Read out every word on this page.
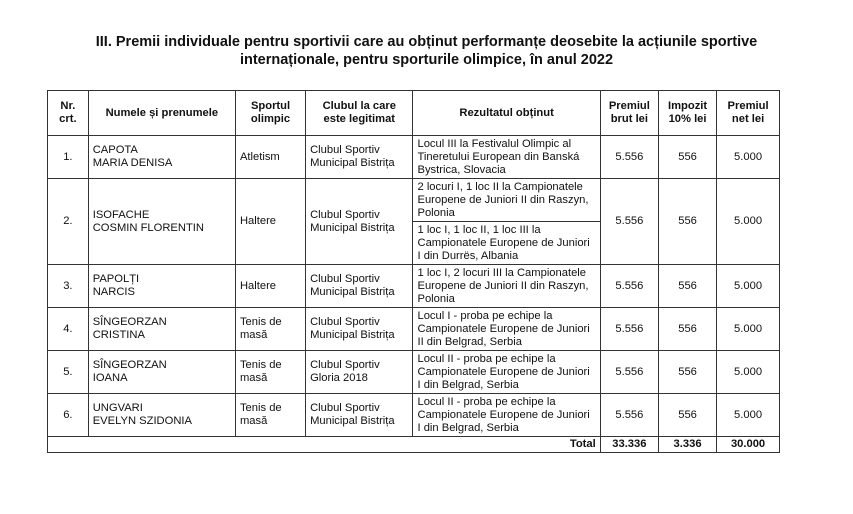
III. Premii individuale pentru sportivii care au obținut performanțe deosebite la acțiunile sportive
internaționale, pentru sporturile olimpice, în anul 2022
Nr. crt.	Numele și prenumele	Sportul olimpic	Clubul la care este legitimat	Rezultatul obținut	Premiul brut lei	Impozit 10% lei	Premiul net lei
1.	CAPOTA
MARIA DENISA	Atletism	Clubul Sportiv Municipal Bistrița	Locul III la Festivalul Olimpic al Tineretului European din Banská Bystrica, Slovacia	5.556	556	5.000
2.	ISOFACHE
COSMIN FLORENTIN	Haltere	Clubul Sportiv Municipal Bistrița	2 locuri I, 1 loc II la Campionatele Europene de Juniori II din Raszyn, Polonia	5.556	556	5.000
				1 loc I, 1 loc II, 1 loc III la Campionatele Europene de Juniori I din Durrës, Albania			
3.	PAPOLȚI
NARCIS	Haltere	Clubul Sportiv Municipal Bistrița	1 loc I, 2 locuri III la Campionatele Europene de Juniori II din Raszyn, Polonia	5.556	556	5.000
4.	SÎNGEORZAN
CRISTINA	Tenis de masă	Clubul Sportiv Municipal Bistrița	Locul I - proba pe echipe la Campionatele Europene de Juniori II din Belgrad, Serbia	5.556	556	5.000
5.	SÎNGEORZAN
IOANA	Tenis de masă	Clubul Sportiv Gloria 2018	Locul II - proba pe echipe la Campionatele Europene de Juniori I din Belgrad, Serbia	5.556	556	5.000
6.	UNGVARI
EVELYN SZIDONIA	Tenis de masă	Clubul Sportiv Municipal Bistrița	Locul II - proba pe echipe la Campionatele Europene de Juniori I din Belgrad, Serbia	5.556	556	5.000
Total					33.336	3.336	30.000
